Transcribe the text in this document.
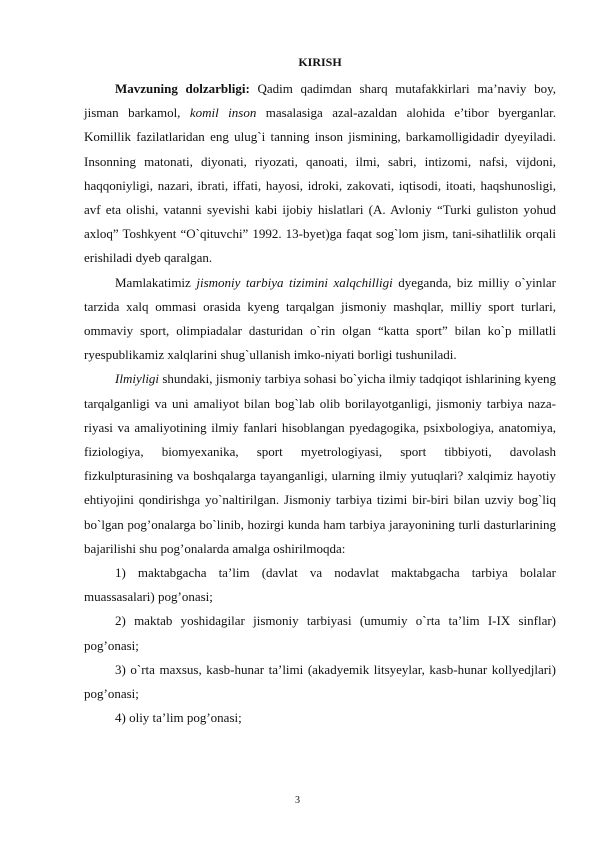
KIRISH

Mavzuning dolzarbligi: Qadim qadimdan sharq mutafakkirlari ma’naviy boy, jisman barkamol, komil inson masalasiga azal-azaldan alohida e’tibor byerganlar. Komillik fazilatlaridan eng ulug`i tanning inson jismining, barkamolligidadir dyeyiladi. Insonning matonati, diyonati, riyozati, qanoati, ilmi, sabri, intizomi, nafsi, vijdoni, haqqoniyligi, nazari, ibrati, iffati, hayosi, idroki, zakovati, iqtisodi, itoati, haqshunosligi, avf eta olishi, vatanni syevishi kabi ijobiy hislatlari (A. Avloniy “Turki guliston yohud axloq” Toshkyent “O`qituvchi” 1992. 13-byet)ga faqat sog`lom jism, tani-sihatlilik orqali erishiladi dyeb qaralgan.

Mamlakatimiz jismoniy tarbiya tizimini xalqchilligi dyeganda, biz milliy o`yinlar tarzida xalq ommasi orasida kyeng tarqalgan jismoniy mashqlar, milliy sport turlari, ommaviy sport, olimpiadalar dasturidan o`rin olgan “katta sport” bilan ko`p millatli ryespublikamiz xalqlarini shug`ullanish imko-niyati borligi tushuniladi.

Ilmiyligi shundaki, jismoniy tarbiya sohasi bo`yicha ilmiy tadqiqot ishlarining kyeng tarqalganligi va uni amaliyot bilan bog`lab olib borilayotganligi, jismoniy tarbiya naza-riyasi va amaliyotining ilmiy fanlari hisoblangan pyedagogika, psixbologiya, anatomiya, fiziologiya, biomyexanika, sport myetrologiyasi, sport tibbiyoti, davolash fizkulpturasining va boshqalarga tayanganligi, ularning ilmiy yutuqlari? xalqimiz hayotiy ehtiyojini qondirishga yo`naltirilgan. Jismoniy tarbiya tizimi bir-biri bilan uzviy bog`liq bo`lgan pog’onalarga bo`linib, hozirgi kunda ham tarbiya jarayonining turli dasturlarining bajarilishi shu pog’onalarda amalga oshirilmoqda:

1) maktabgacha ta’lim (davlat va nodavlat maktabgacha tarbiya bolalar muassasalari) pog’onasi;

2) maktab yoshidagilar jismoniy tarbiyasi (umumiy o`rta ta’lim I-IX sinflar) pog’onasi;

3) o`rta maxsus, kasb-hunar ta’limi (akadyemik litsyeylar, kasb-hunar kollyedjlari) pog’onasi;

4) oliy ta’lim pog’onasi;

3
